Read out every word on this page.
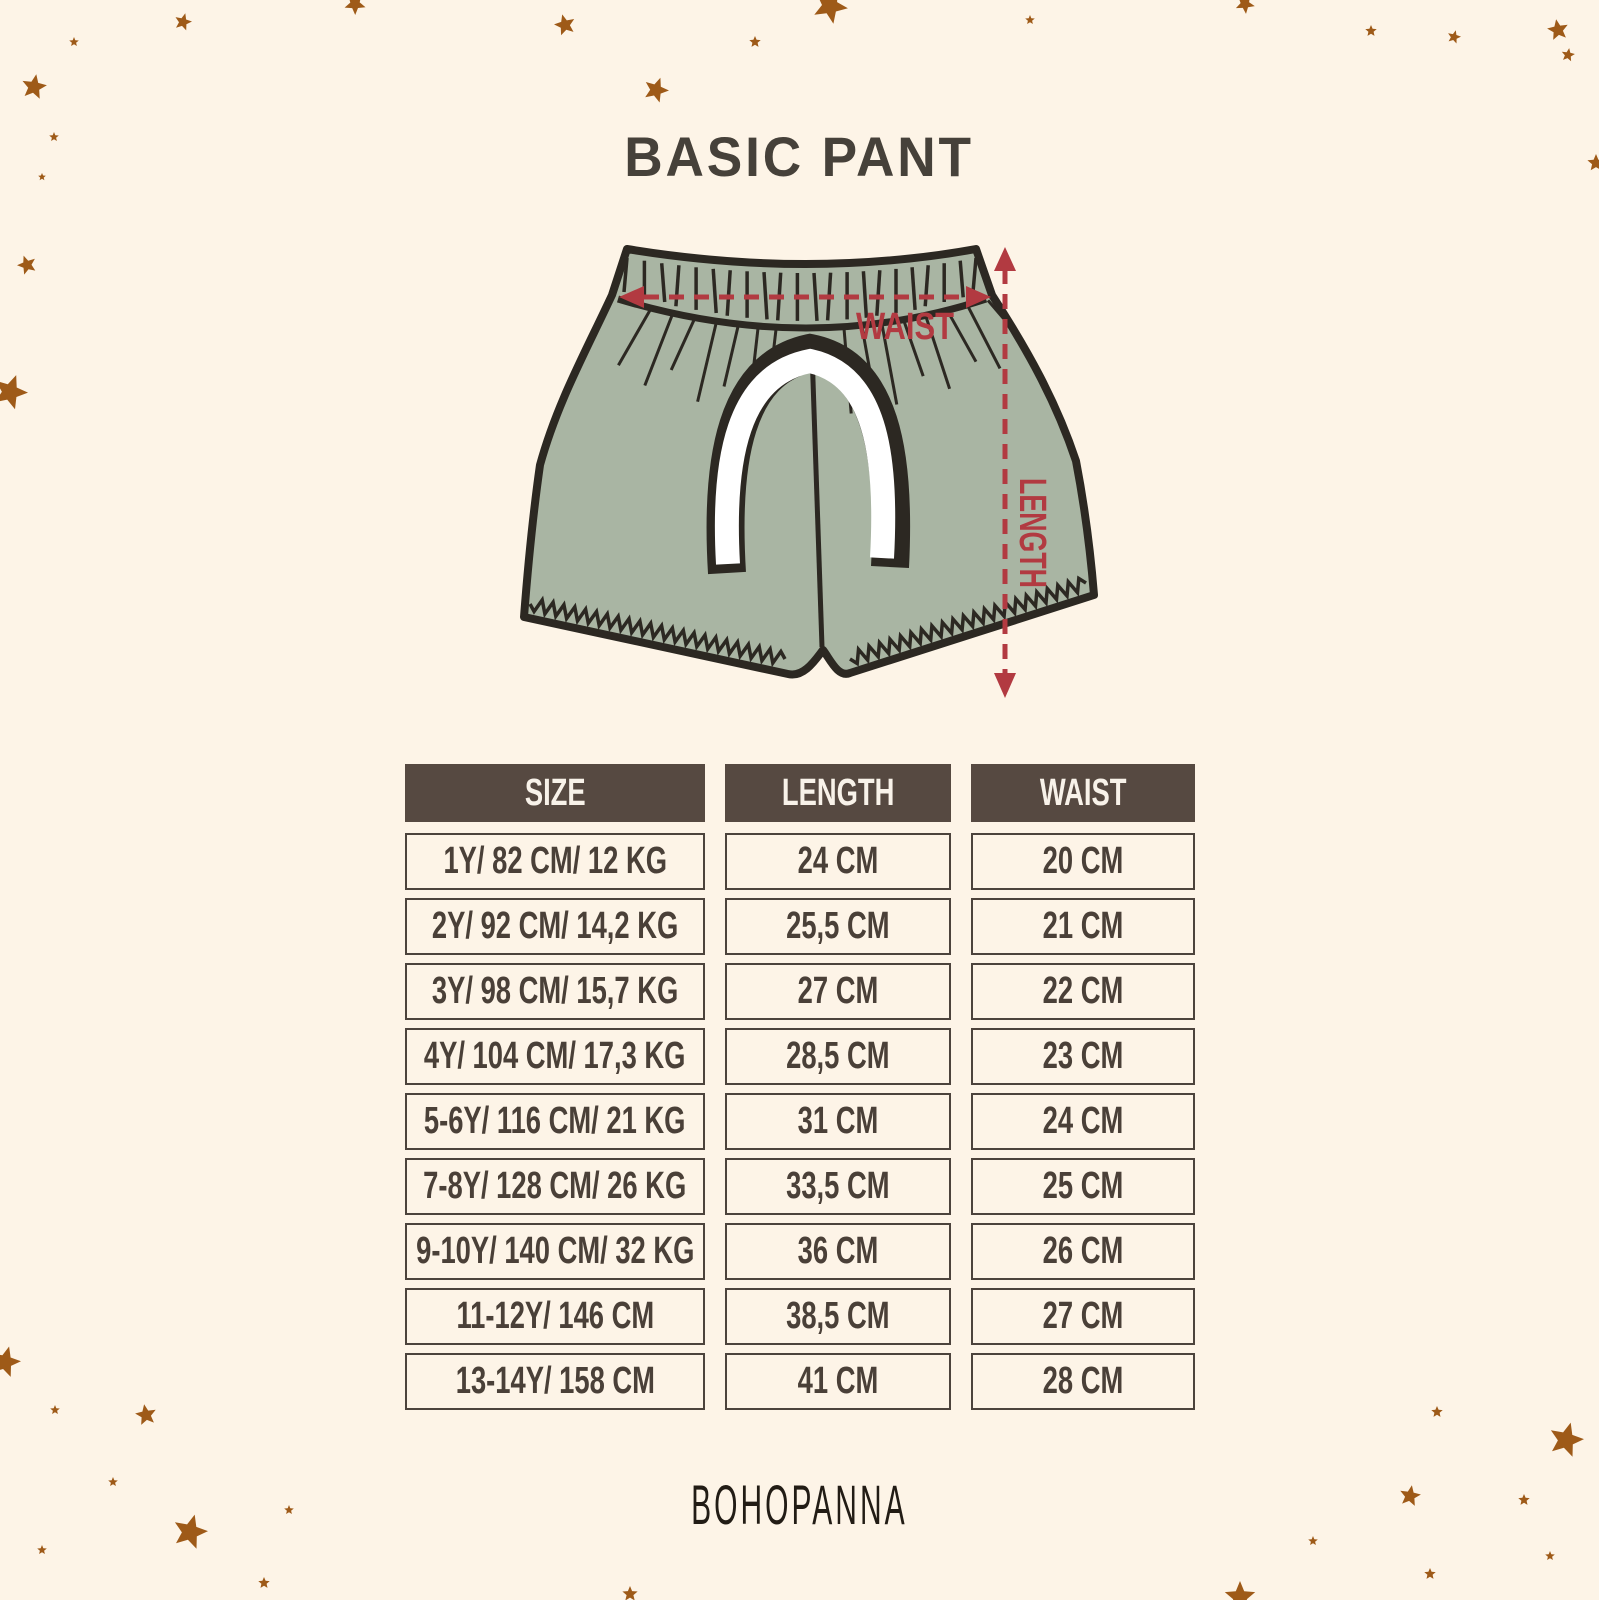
BASIC PANT
WAIST
LENGTH
SIZE	LENGTH	WAIST
1Y/ 82 CM/ 12 KG	24 CM	20 CM
2Y/ 92 CM/ 14,2 KG	25,5 CM	21 CM
3Y/ 98 CM/ 15,7 KG	27 CM	22 CM
4Y/ 104 CM/ 17,3 KG	28,5 CM	23 CM
5-6Y/ 116 CM/ 21 KG	31 CM	24 CM
7-8Y/ 128 CM/ 26 KG	33,5 CM	25 CM
9-10Y/ 140 CM/ 32 KG	36 CM	26 CM
11-12Y/ 146 CM	38,5 CM	27 CM
13-14Y/ 158 CM	41 CM	28 CM
BOHOPANNA
